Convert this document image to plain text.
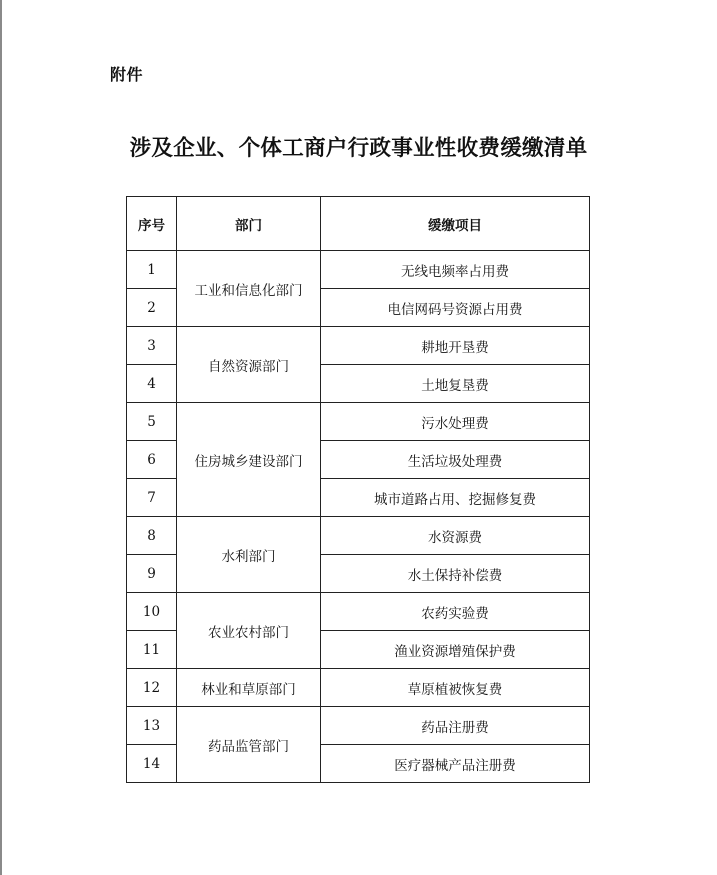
附件
涉及企业、个体工商户行政事业性收费缓缴清单
序号	部门	缓缴项目
1	工业和信息化部门	无线电频率占用费
2		电信网码号资源占用费
3	自然资源部门	耕地开垦费
4		土地复垦费
5	住房城乡建设部门	污水处理费
6		生活垃圾处理费
7		城市道路占用、挖掘修复费
8	水利部门	水资源费
9		水土保持补偿费
10	农业农村部门	农药实验费
11		渔业资源增殖保护费
12	林业和草原部门	草原植被恢复费
13	药品监管部门	药品注册费
14		医疗器械产品注册费
